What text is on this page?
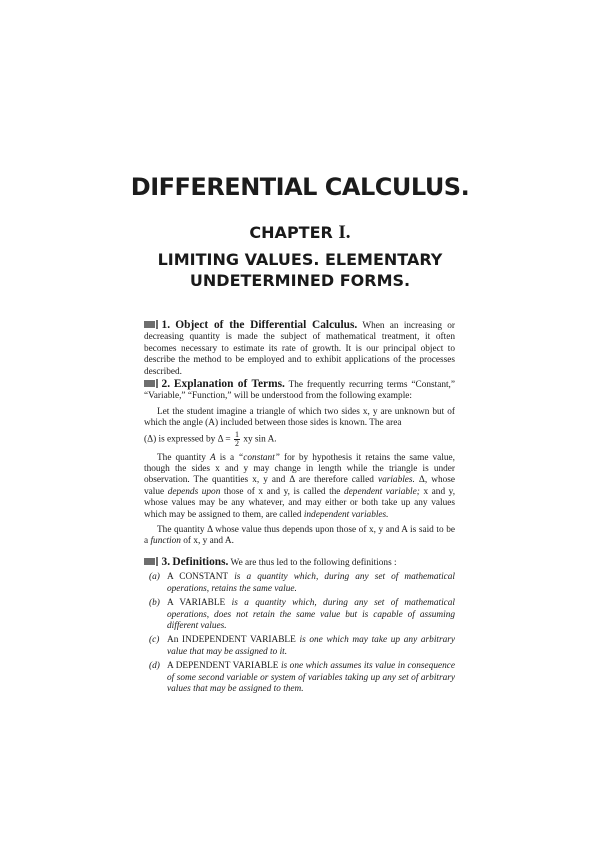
DIFFERENTIAL CALCULUS.
CHAPTER I.
LIMITING VALUES. ELEMENTARY
UNDETERMINED FORMS.

1. Object of the Differential Calculus. When an increasing or decreasing quantity is made the subject of mathematical treatment, it often becomes necessary to estimate its rate of growth. It is our principal object to describe the method to be employed and to exhibit applications of the processes described.

2. Explanation of Terms. The frequently recurring terms “Constant,” “Variable,” “Function,” will be understood from the following example:

Let the student imagine a triangle of which two sides x, y are unknown but of which the angle (A) included between those sides is known. The area

(Δ) is expressed by $\Delta = \frac{1}{2}$ xy sin A.

The quantity A is a “constant” for by hypothesis it retains the same value, though the sides x and y may change in length while the triangle is under observation. The quantities x, y and Δ are therefore called variables. Δ, whose value depends upon those of x and y, is called the dependent variable; x and y, whose values may be any whatever, and may either or both take up any values which may be assigned to them, are called independent variables.

The quantity Δ whose value thus depends upon those of x, y and A is said to be a function of x, y and A.

3. Definitions. We are thus led to the following definitions :

(a) A CONSTANT is a quantity which, during any set of mathematical operations, retains the same value.
(b) A VARIABLE is a quantity which, during any set of mathematical operations, does not retain the same value but is capable of assuming different values.
(c) An INDEPENDENT VARIABLE is one which may take up any arbitrary value that may be assigned to it.
(d) A DEPENDENT VARIABLE is one which assumes its value in consequence of some second variable or system of variables taking up any set of arbitrary values that may be assigned to them.
